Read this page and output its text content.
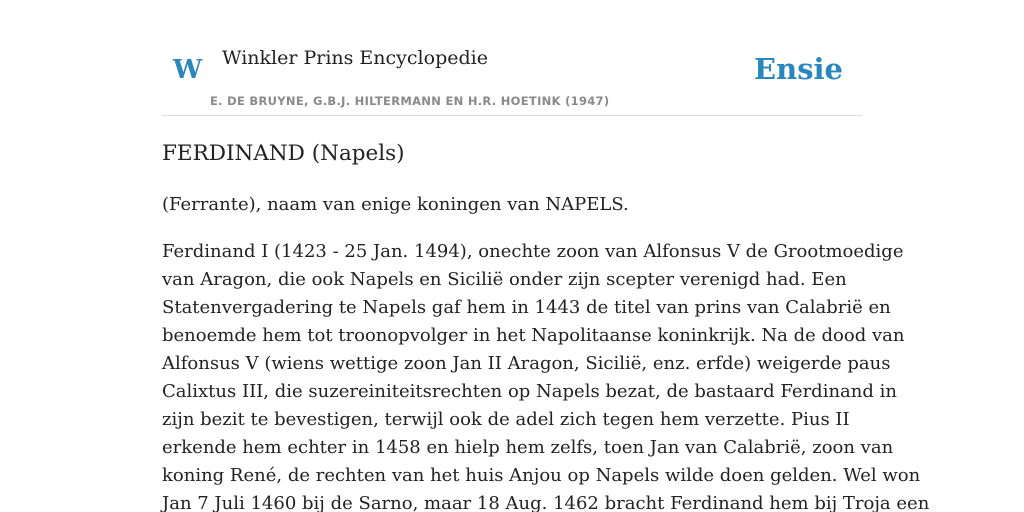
W Winkler Prins Encyclopedie
E. DE BRUYNE, G.B.J. HILTERMANN EN H.R. HOETINK (1947)
Ensie
FERDINAND (Napels)

(Ferrante), naam van enige koningen van NAPELS.

Ferdinand I (1423 - 25 Jan. 1494), onechte zoon van Alfonsus V de Grootmoedige
van Aragon, die ook Napels en Sicilië onder zijn scepter verenigd had. Een
Statenvergadering te Napels gaf hem in 1443 de titel van prins van Calabrië en
benoemde hem tot troonopvolger in het Napolitaanse koninkrijk. Na de dood van
Alfonsus V (wiens wettige zoon Jan II Aragon, Sicilië, enz. erfde) weigerde paus
Calixtus III, die suzereiniteitsrechten op Napels bezat, de bastaard Ferdinand in
zijn bezit te bevestigen, terwijl ook de adel zich tegen hem verzette. Pius II
erkende hem echter in 1458 en hielp hem zelfs, toen Jan van Calabrië, zoon van
koning René, de rechten van het huis Anjou op Napels wilde doen gelden. Wel won
Jan 7 Juli 1460 bij de Sarno, maar 18 Aug. 1462 bracht Ferdinand hem bij Troja een
